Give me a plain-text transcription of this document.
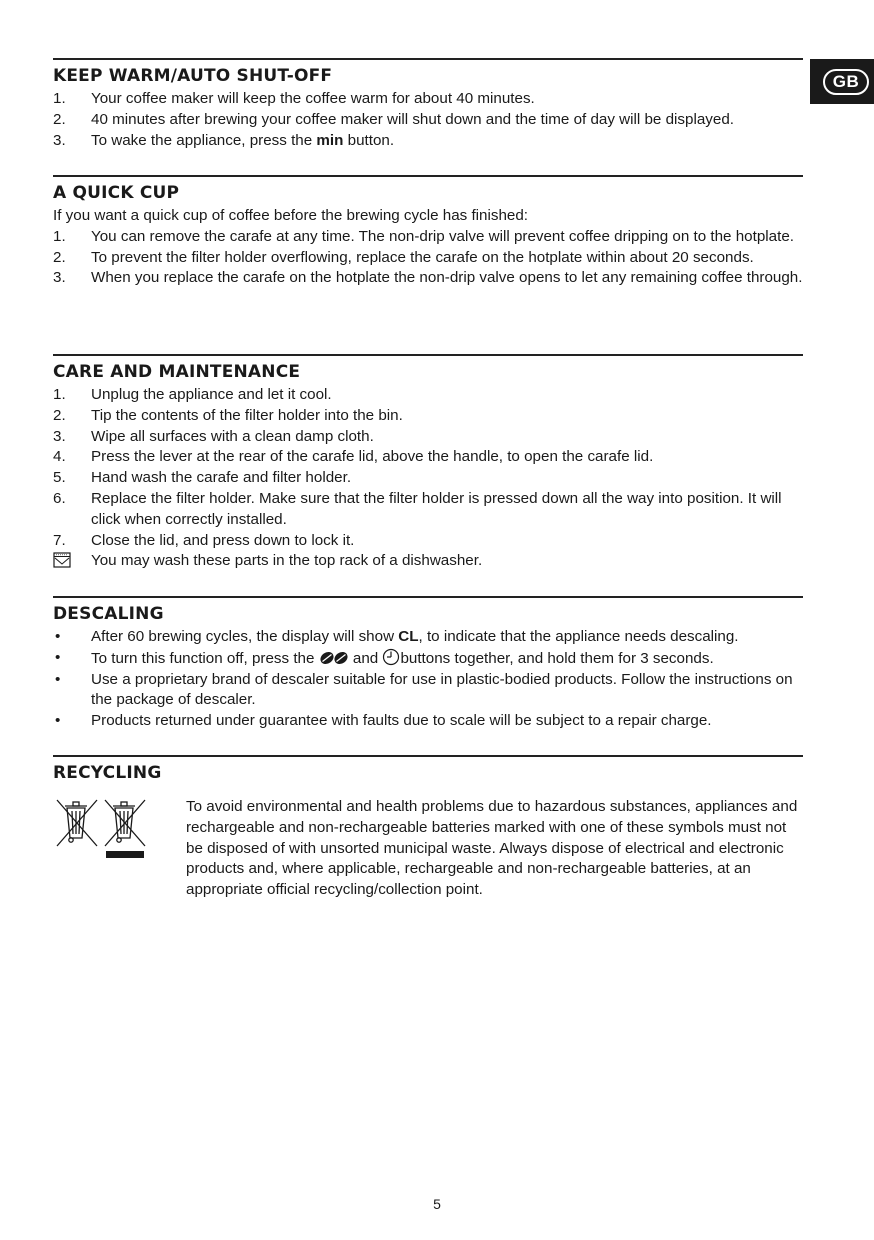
GB
KEEP WARM/AUTO SHUT-OFF
1.	Your coffee maker will keep the coffee warm for about 40 minutes.
2.	40 minutes after brewing your coffee maker will shut down and the time of day will be displayed.
3.	To wake the appliance, press the min button.
A QUICK CUP
If you want a quick cup of coffee before the brewing cycle has finished:
1.	You can remove the carafe at any time. The non-drip valve will prevent coffee dripping on to the hotplate.
2.	To prevent the filter holder overflowing, replace the carafe on the hotplate within about 20 seconds.
3.	When you replace the carafe on the hotplate the non-drip valve opens to let any remaining coffee through.
CARE AND MAINTENANCE
1.	Unplug the appliance and let it cool.
2.	Tip the contents of the filter holder into the bin.
3.	Wipe all surfaces with a clean damp cloth.
4.	Press the lever at the rear of the carafe lid, above the handle, to open the carafe lid.
5.	Hand wash the carafe and filter holder.
6.	Replace the filter holder. Make sure that the filter holder is pressed down all the way into position. It will click when correctly installed.
7.	Close the lid, and press down to lock it.
You may wash these parts in the top rack of a dishwasher.
DESCALING
•	After 60 brewing cycles, the display will show CL, to indicate that the appliance needs descaling.
•	To turn this function off, press the  and buttons together, and hold them for 3 seconds.
•	Use a proprietary brand of descaler suitable for use in plastic-bodied products. Follow the instructions on the package of descaler.
•	Products returned under guarantee with faults due to scale will be subject to a repair charge.
RECYCLING
To avoid environmental and health problems due to hazardous substances, appliances and rechargeable and non-rechargeable batteries marked with one of these symbols must not be disposed of with unsorted municipal waste. Always dispose of electrical and electronic products and, where applicable, rechargeable and non-rechargeable batteries, at an appropriate official recycling/collection point.
5
